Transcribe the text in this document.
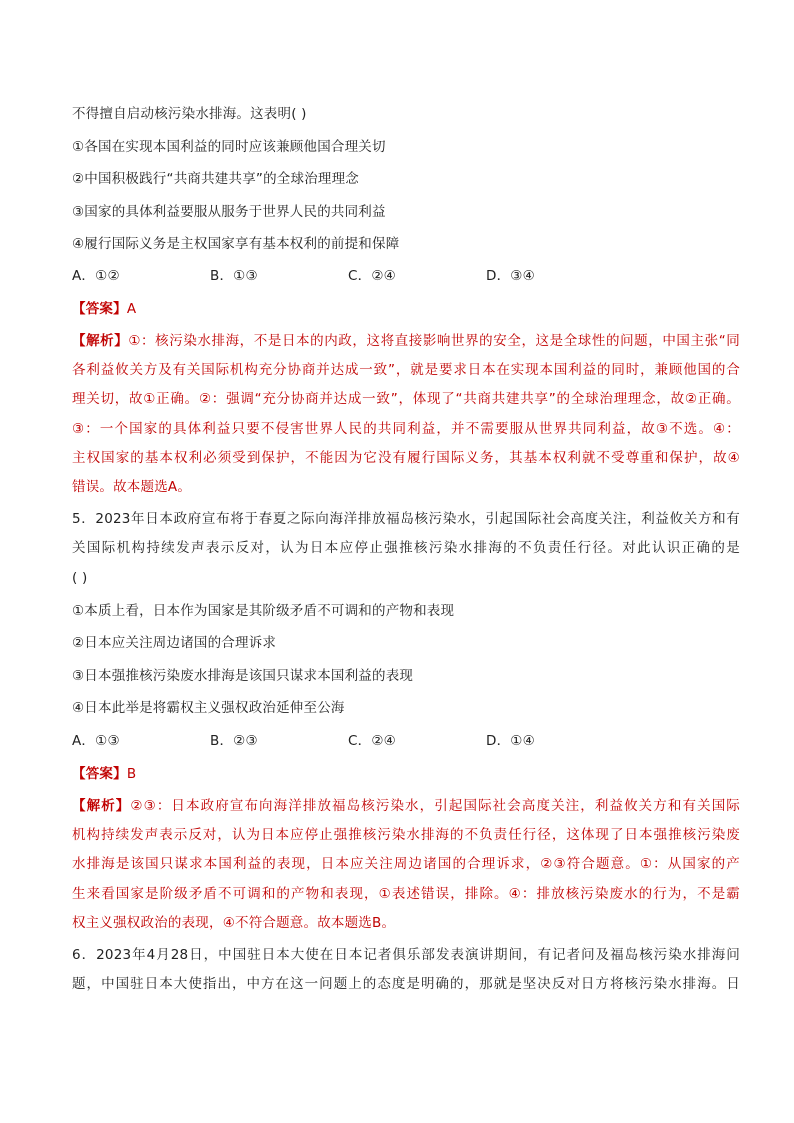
不得擅自启动核污染水排海。这表明( )
①各国在实现本国利益的同时应该兼顾他国合理关切
②中国积极践行“共商共建共享”的全球治理理念
③国家的具体利益要服从服务于世界人民的共同利益
④履行国际义务是主权国家享有基本权利的前提和保障
A．①②	B．①③	C．②④	D．③④
【答案】A
【解析】①：核污染水排海，不是日本的内政，这将直接影响世界的安全，这是全球性的问题，中国主张“同
各利益攸关方及有关国际机构充分协商并达成一致”，就是要求日本在实现本国利益的同时，兼顾他国的合
理关切，故①正确。②：强调“充分协商并达成一致”，体现了“共商共建共享”的全球治理理念，故②正确。
③：一个国家的具体利益只要不侵害世界人民的共同利益，并不需要服从世界共同利益，故③不选。④：
主权国家的基本权利必须受到保护，不能因为它没有履行国际义务，其基本权利就不受尊重和保护，故④
错误。故本题选A。
5．2023年日本政府宣布将于春夏之际向海洋排放福岛核污染水，引起国际社会高度关注，利益攸关方和有
关国际机构持续发声表示反对，认为日本应停止强推核污染水排海的不负责任行径。对此认识正确的是
( )
①本质上看，日本作为国家是其阶级矛盾不可调和的产物和表现
②日本应关注周边诸国的合理诉求
③日本强推核污染废水排海是该国只谋求本国利益的表现
④日本此举是将霸权主义强权政治延伸至公海
A．①③	B．②③	C．②④	D．①④
【答案】B
【解析】②③：日本政府宣布向海洋排放福岛核污染水，引起国际社会高度关注，利益攸关方和有关国际
机构持续发声表示反对，认为日本应停止强推核污染水排海的不负责任行径，这体现了日本强推核污染废
水排海是该国只谋求本国利益的表现，日本应关注周边诸国的合理诉求，②③符合题意。①：从国家的产
生来看国家是阶级矛盾不可调和的产物和表现，①表述错误，排除。④：排放核污染废水的行为，不是霸
权主义强权政治的表现，④不符合题意。故本题选B。
6．2023年4月28日，中国驻日本大使在日本记者俱乐部发表演讲期间，有记者问及福岛核污染水排海问
题，中国驻日本大使指出，中方在这一问题上的态度是明确的，那就是坚决反对日方将核污染水排海。日
